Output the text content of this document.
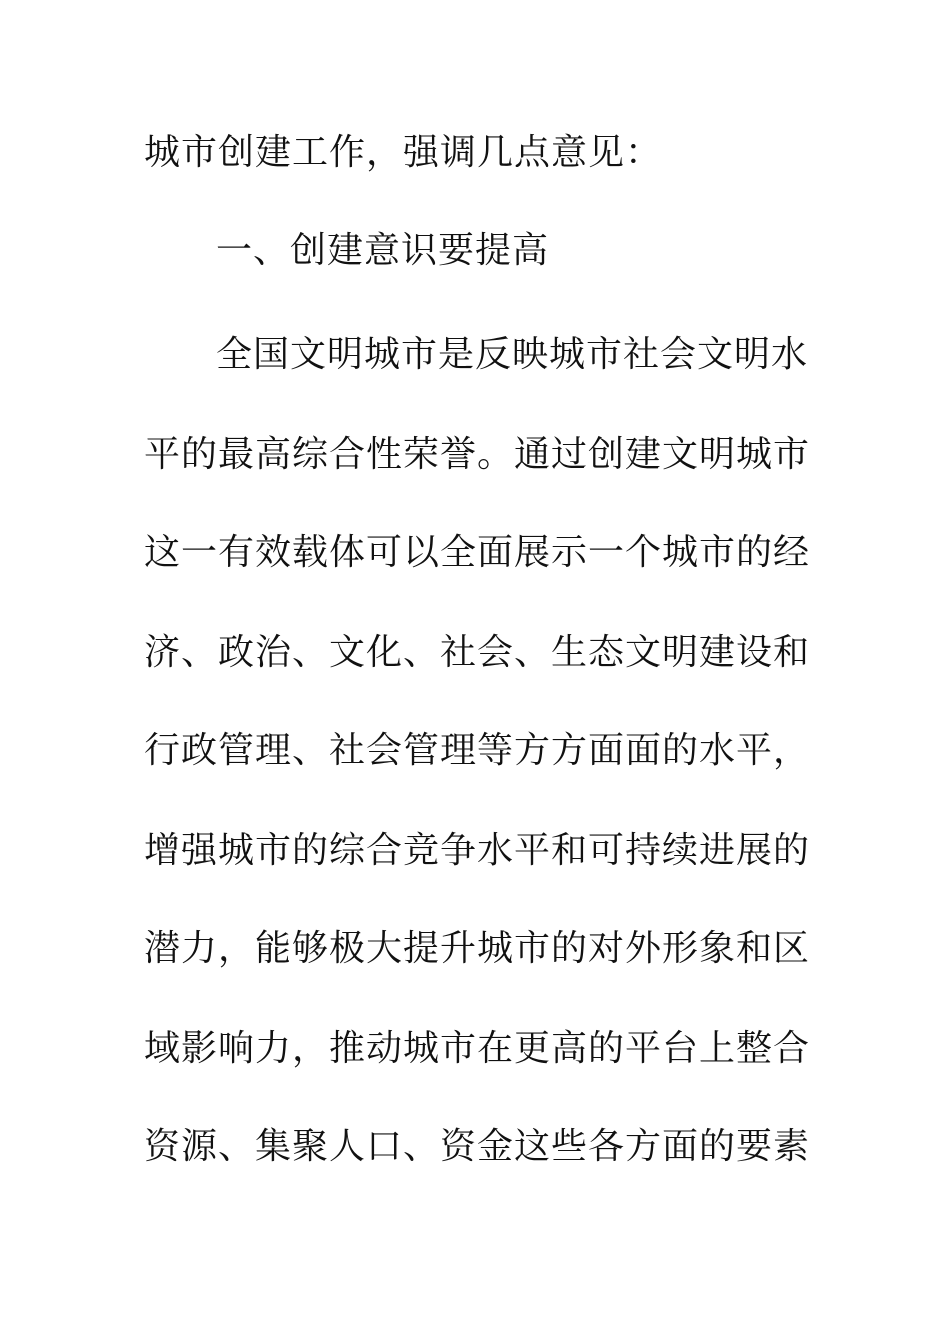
城市创建工作，强调几点意见：
一、创建意识要提高
全国文明城市是反映城市社会文明水
平的最高综合性荣誉。通过创建文明城市
这一有效载体可以全面展示一个城市的经
济、政治、文化、社会、生态文明建设和
行政管理、社会管理等方方面面的水平，
增强城市的综合竞争水平和可持续进展的
潜力，能够极大提升城市的对外形象和区
域影响力，推动城市在更高的平台上整合
资源、集聚人口、资金这些各方面的要素
